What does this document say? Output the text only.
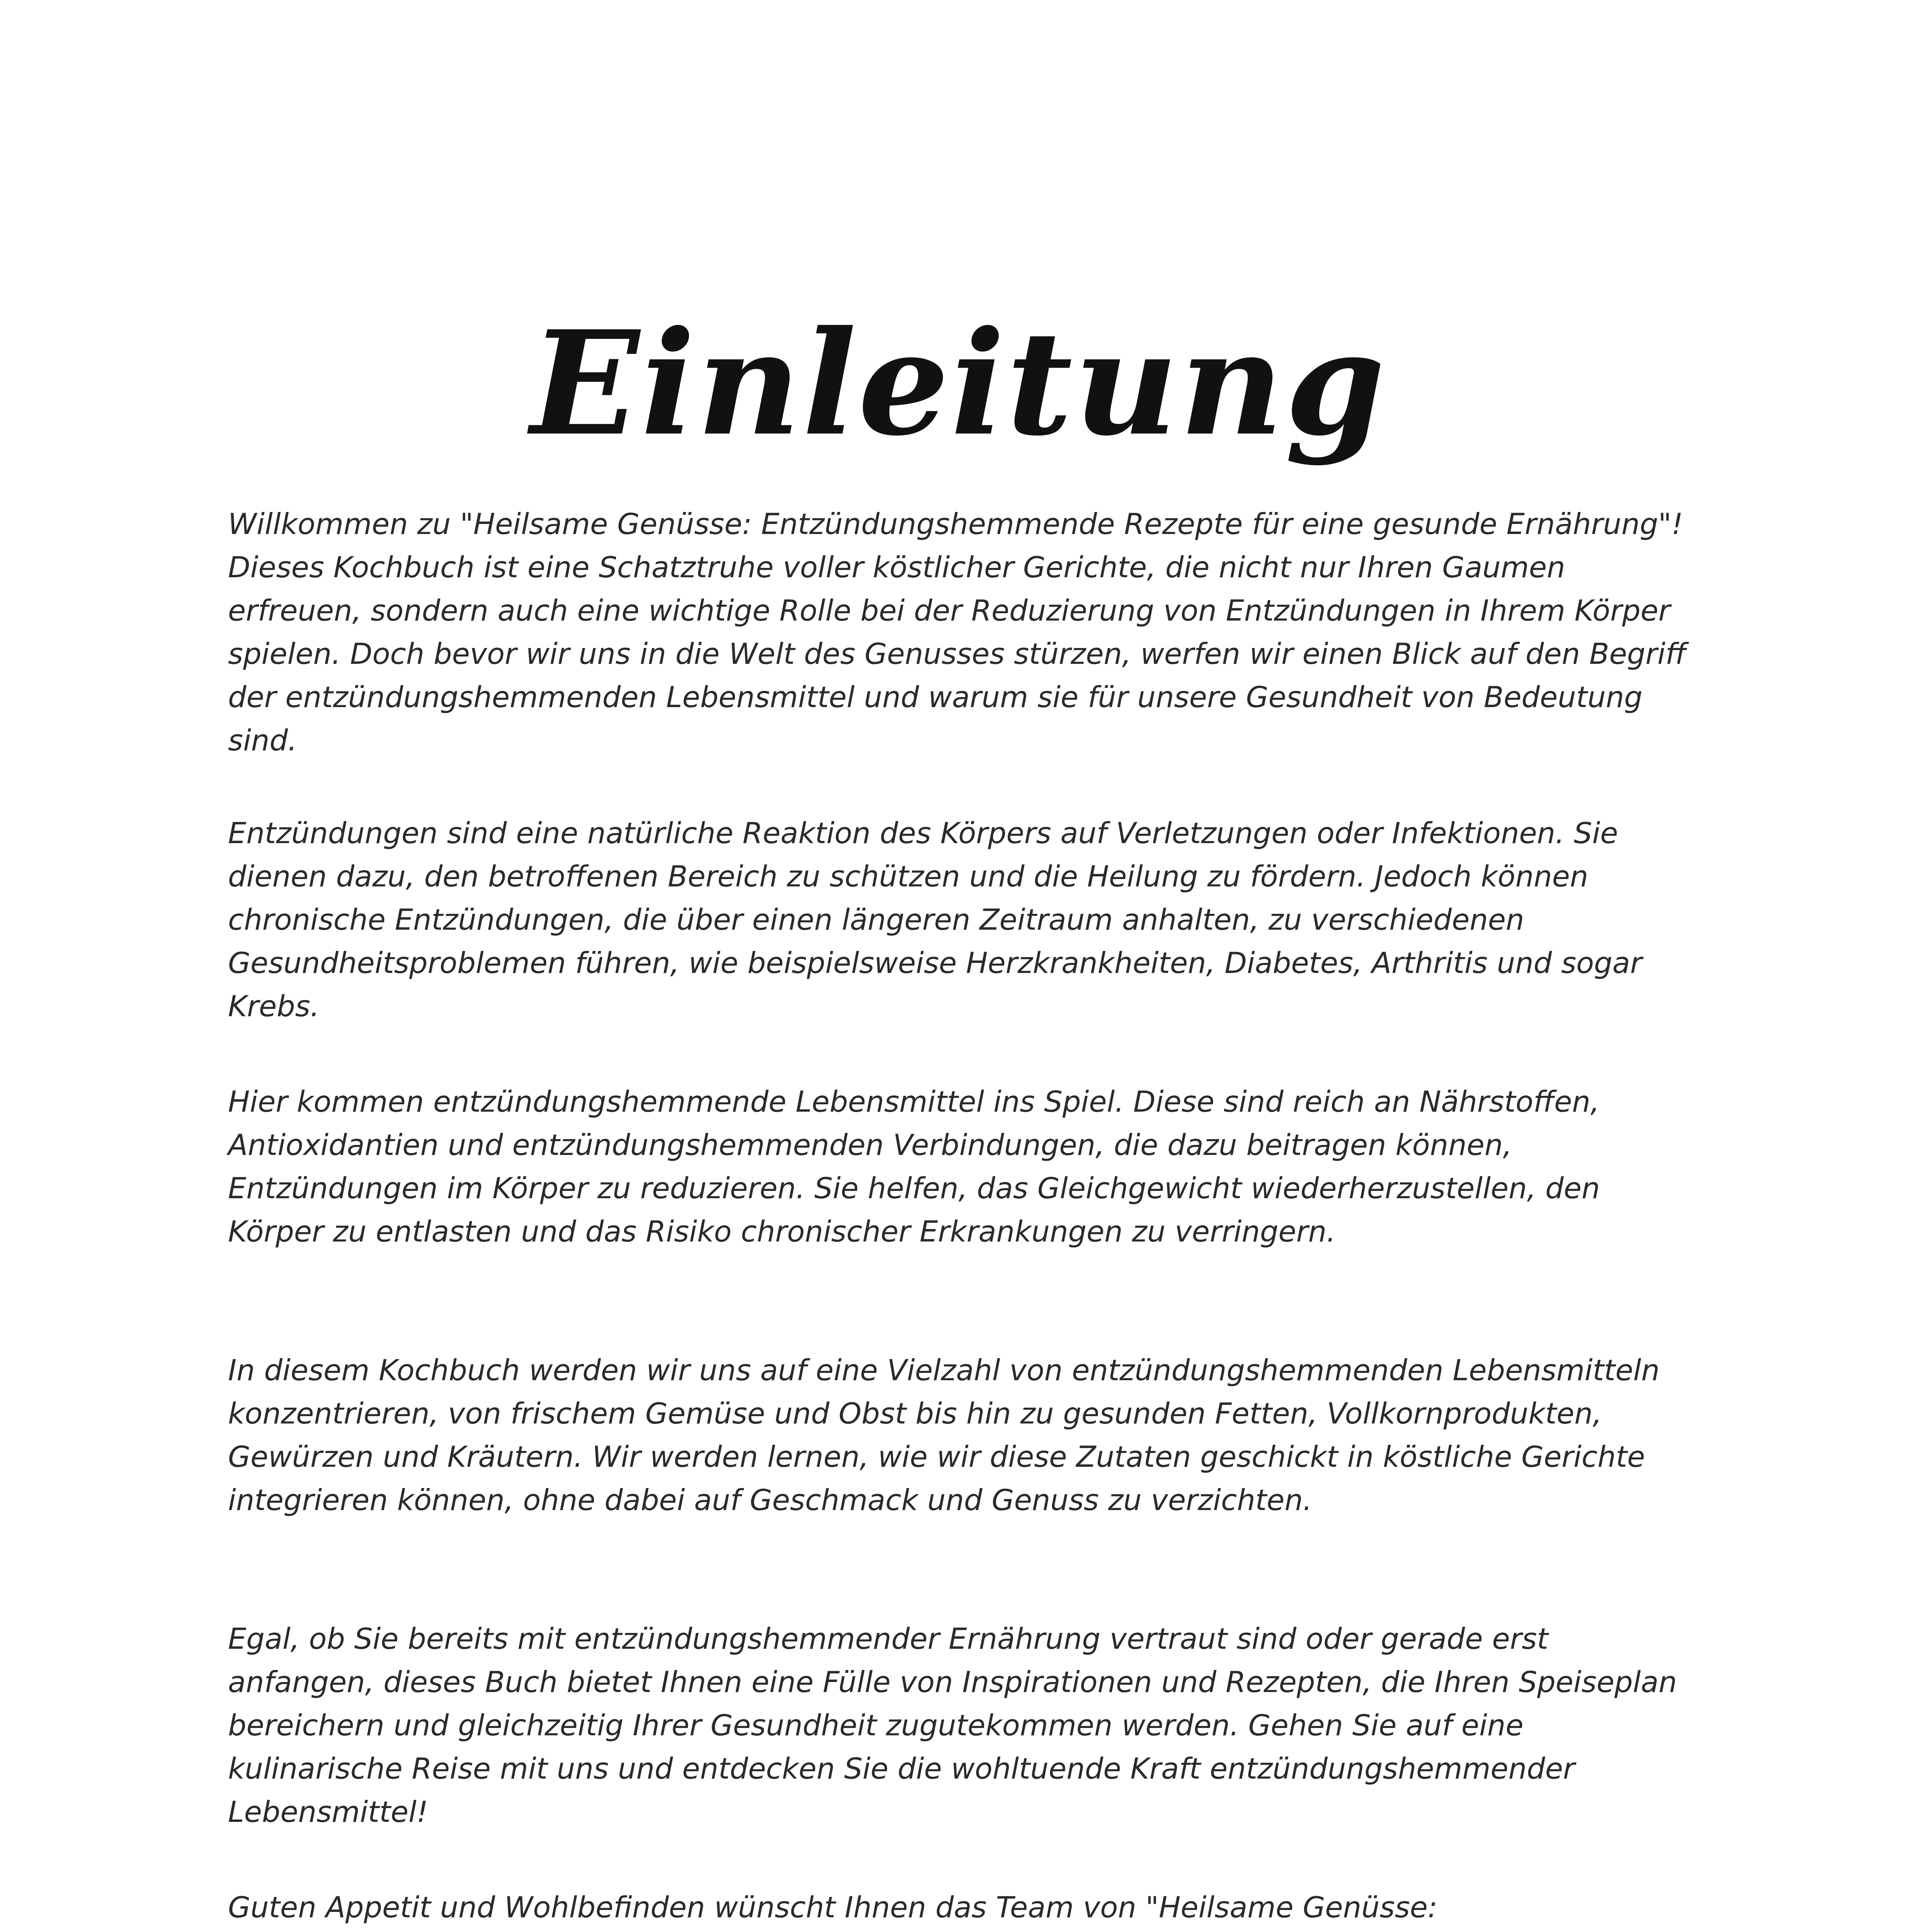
Einleitung

Willkommen zu "Heilsame Genüsse: Entzündungshemmende Rezepte für eine gesunde Ernährung"! Dieses Kochbuch ist eine Schatztruhe voller köstlicher Gerichte, die nicht nur Ihren Gaumen erfreuen, sondern auch eine wichtige Rolle bei der Reduzierung von Entzündungen in Ihrem Körper spielen. Doch bevor wir uns in die Welt des Genusses stürzen, werfen wir einen Blick auf den Begriff der entzündungshemmenden Lebensmittel und warum sie für unsere Gesundheit von Bedeutung sind.

Entzündungen sind eine natürliche Reaktion des Körpers auf Verletzungen oder Infektionen. Sie dienen dazu, den betroffenen Bereich zu schützen und die Heilung zu fördern. Jedoch können chronische Entzündungen, die über einen längeren Zeitraum anhalten, zu verschiedenen Gesundheitsproblemen führen, wie beispielsweise Herzkrankheiten, Diabetes, Arthritis und sogar Krebs.

Hier kommen entzündungshemmende Lebensmittel ins Spiel. Diese sind reich an Nährstoffen, Antioxidantien und entzündungshemmenden Verbindungen, die dazu beitragen können, Entzündungen im Körper zu reduzieren. Sie helfen, das Gleichgewicht wiederherzustellen, den Körper zu entlasten und das Risiko chronischer Erkrankungen zu verringern.

In diesem Kochbuch werden wir uns auf eine Vielzahl von entzündungshemmenden Lebensmitteln konzentrieren, von frischem Gemüse und Obst bis hin zu gesunden Fetten, Vollkornprodukten, Gewürzen und Kräutern. Wir werden lernen, wie wir diese Zutaten geschickt in köstliche Gerichte integrieren können, ohne dabei auf Geschmack und Genuss zu verzichten.

Egal, ob Sie bereits mit entzündungshemmender Ernährung vertraut sind oder gerade erst anfangen, dieses Buch bietet Ihnen eine Fülle von Inspirationen und Rezepten, die Ihren Speiseplan bereichern und gleichzeitig Ihrer Gesundheit zugutekommen werden. Gehen Sie auf eine kulinarische Reise mit uns und entdecken Sie die wohltuende Kraft entzündungshemmender Lebensmittel!

Guten Appetit und Wohlbefinden wünscht Ihnen das Team von "Heilsame Genüsse:
